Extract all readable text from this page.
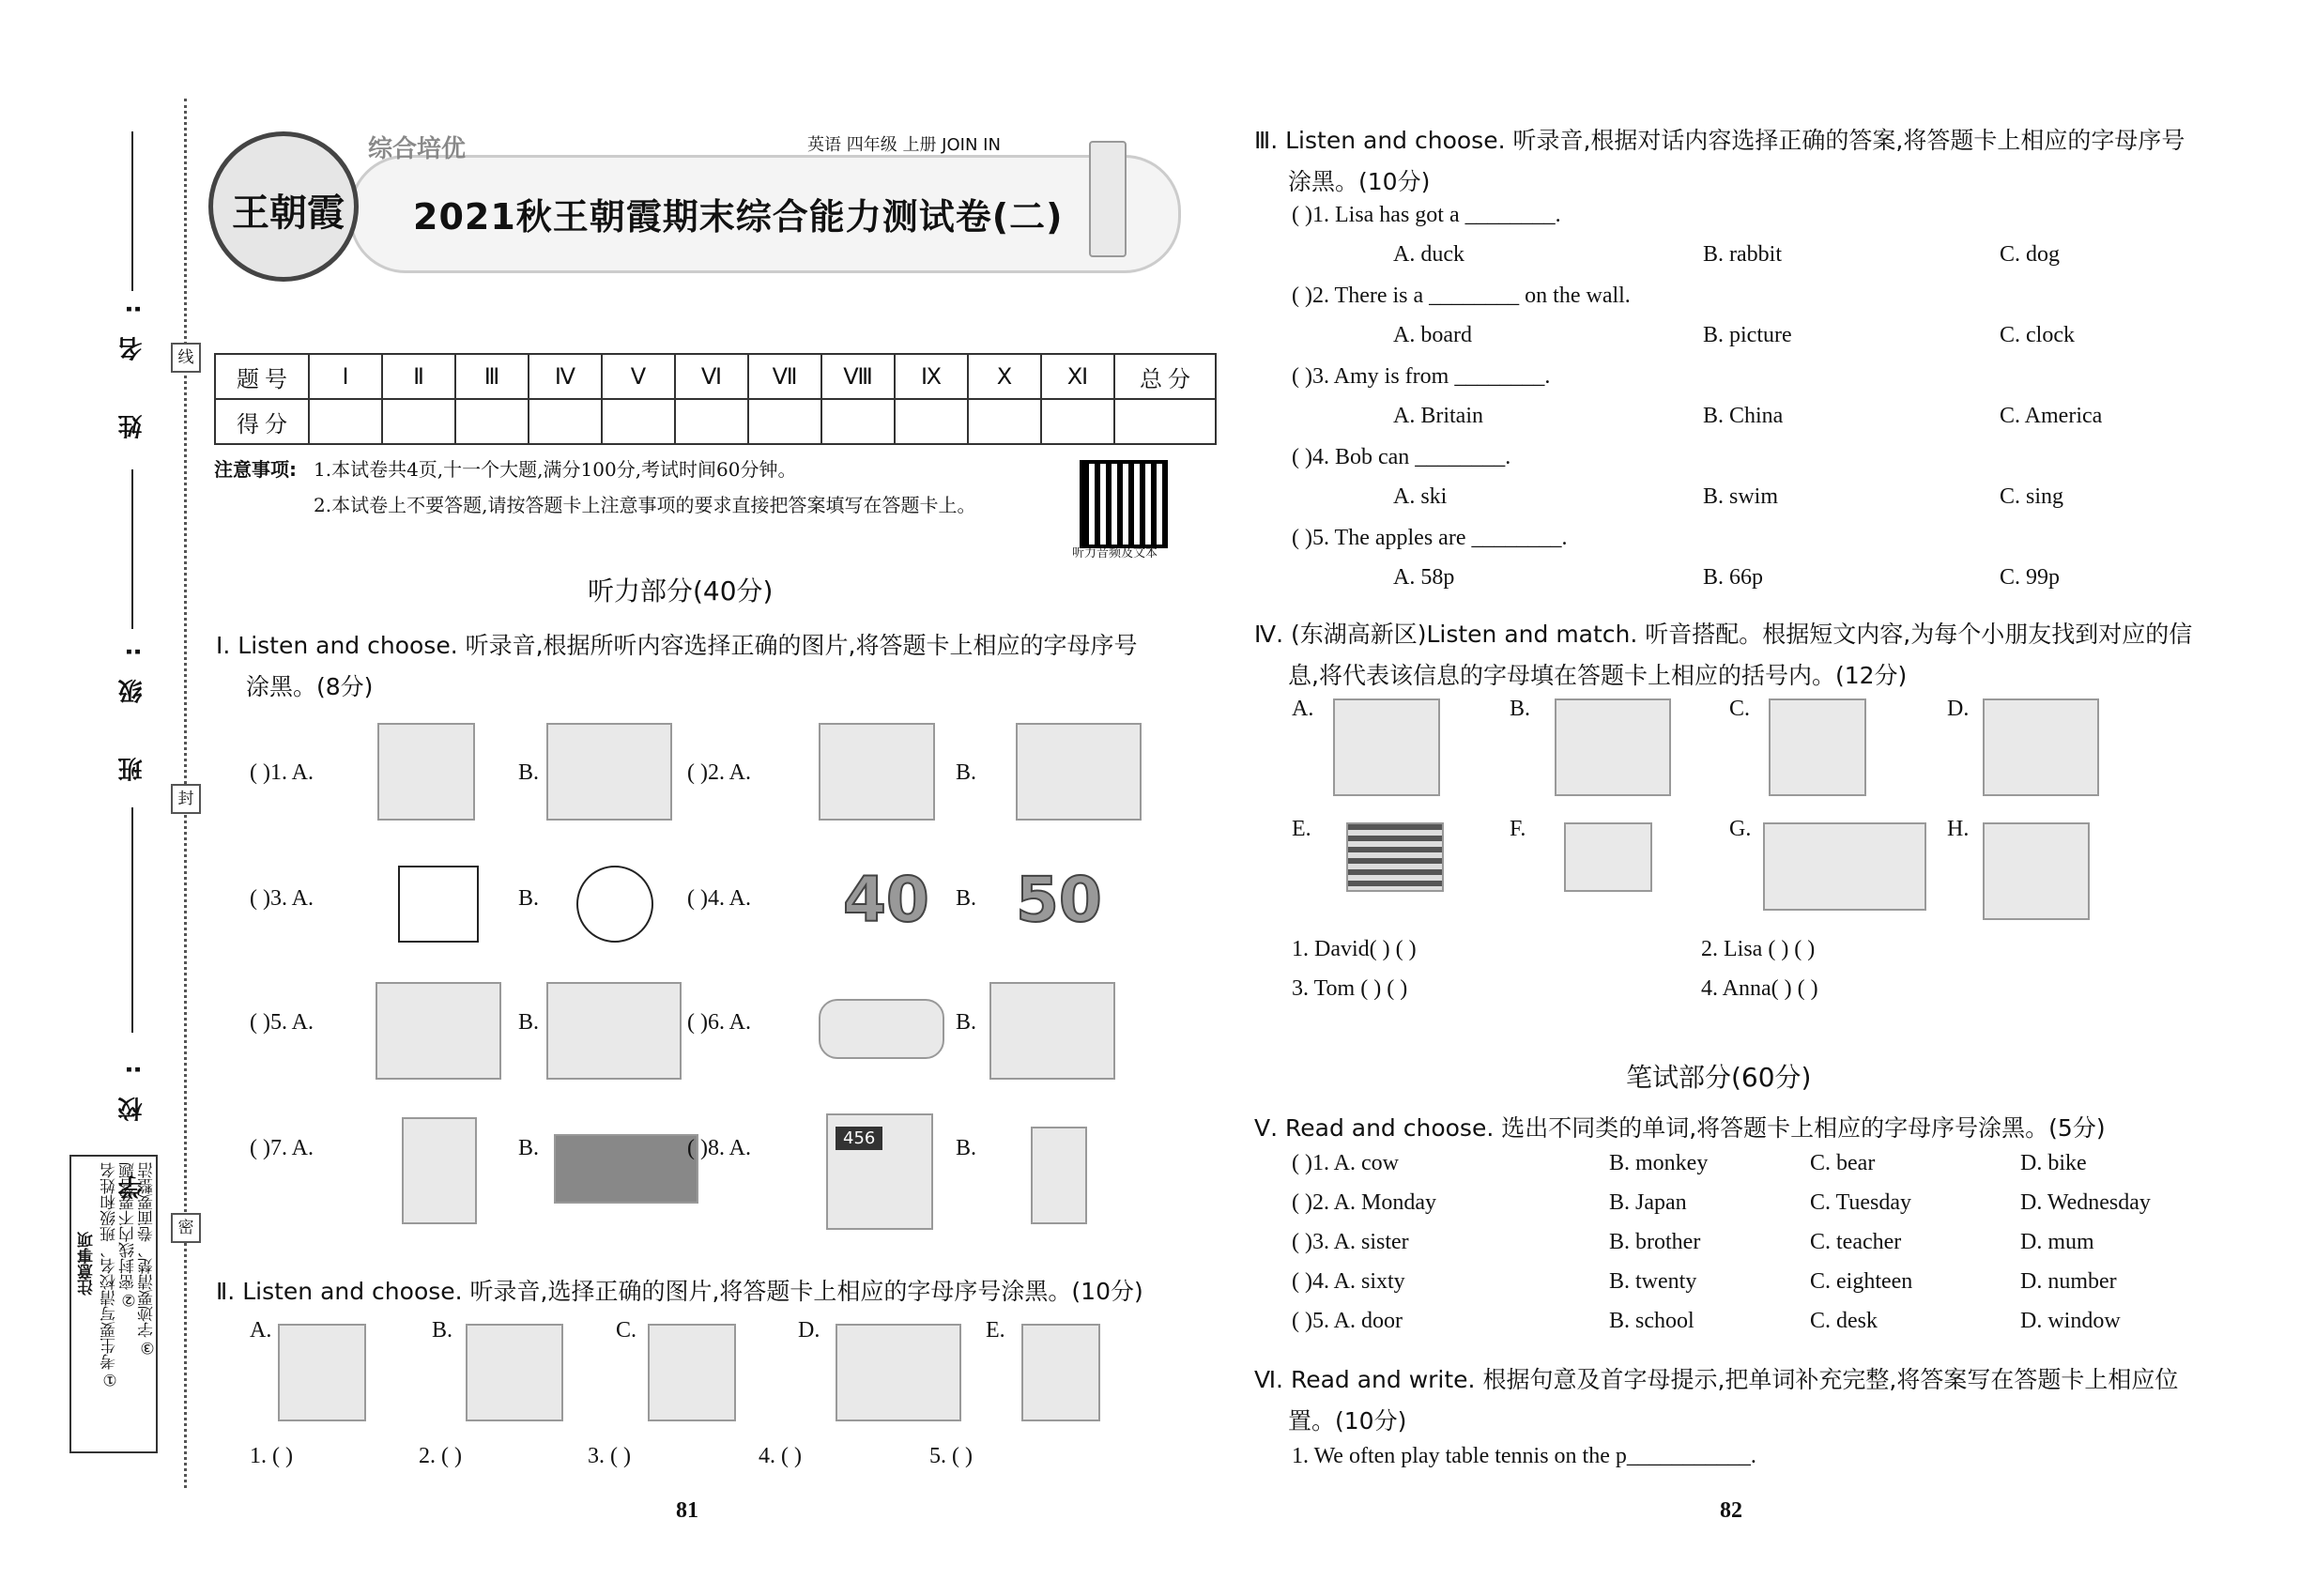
姓 名:
班 级:
学 校:
线
封
密
注意事项 ①考生要写清校名、班级和姓名 ②密封线内不要答题 ③字迹要清楚、卷面要整洁
王朝霞
综合培优	英语 四年级 上册 JOIN IN
2021秋王朝霞期末综合能力测试卷(二)
题 号	Ⅰ	Ⅱ	Ⅲ	Ⅳ	Ⅴ	Ⅵ	Ⅶ	Ⅷ	Ⅸ	Ⅹ	Ⅺ	总 分
得 分												
注意事项: 1.本试卷共4页,十一个大题,满分100分,考试时间60分钟。
2.本试卷上不要答题,请按答题卡上注意事项的要求直接把答案填写在答题卡上。
听力音频及文本
听力部分(40分)
Ⅰ. Listen and choose. 听录音,根据所听内容选择正确的图片,将答题卡上相应的字母序号
涂黑。(8分)
( )1. A.	B.	( )2. A.	B.
( )3. A.	B.	( )4. A. 40 B. 50
( )5. A.	B.	( )6. A.	B.
( )7. A.	B.	( )8. A.	456	B.
Ⅱ. Listen and choose. 听录音,选择正确的图片,将答题卡上相应的字母序号涂黑。(10分)
A.	B.	C.	D.	E.
1. ( )	2. ( )	3. ( )	4. ( )	5. ( )
81
Ⅲ. Listen and choose. 听录音,根据对话内容选择正确的答案,将答题卡上相应的字母序号
涂黑。(10分)
( )1. Lisa has got a ________.
A. duck	B. rabbit	C. dog
( )2. There is a ________ on the wall.
A. board	B. picture	C. clock
( )3. Amy is from ________.
A. Britain	B. China	C. America
( )4. Bob can ________.
A. ski	B. swim	C. sing
( )5. The apples are ________.
A. 58p	B. 66p	C. 99p
Ⅳ. (东湖高新区)Listen and match. 听音搭配。根据短文内容,为每个小朋友找到对应的信
息,将代表该信息的字母填在答题卡上相应的括号内。(12分)
A.	B.	C.	D.
E.	F.	G.	H.
1. David( ) ( )	2. Lisa ( ) ( )
3. Tom ( ) ( )	4. Anna( ) ( )
笔试部分(60分)
Ⅴ. Read and choose. 选出不同类的单词,将答题卡上相应的字母序号涂黑。(5分)
( )1. A. cow	B. monkey	C. bear	D. bike
( )2. A. Monday	B. Japan	C. Tuesday	D. Wednesday
( )3. A. sister	B. brother	C. teacher	D. mum
( )4. A. sixty	B. twenty	C. eighteen	D. number
( )5. A. door	B. school	C. desk	D. window
Ⅵ. Read and write. 根据句意及首字母提示,把单词补充完整,将答案写在答题卡上相应位
置。(10分)
1. We often play table tennis on the p___________.
82
